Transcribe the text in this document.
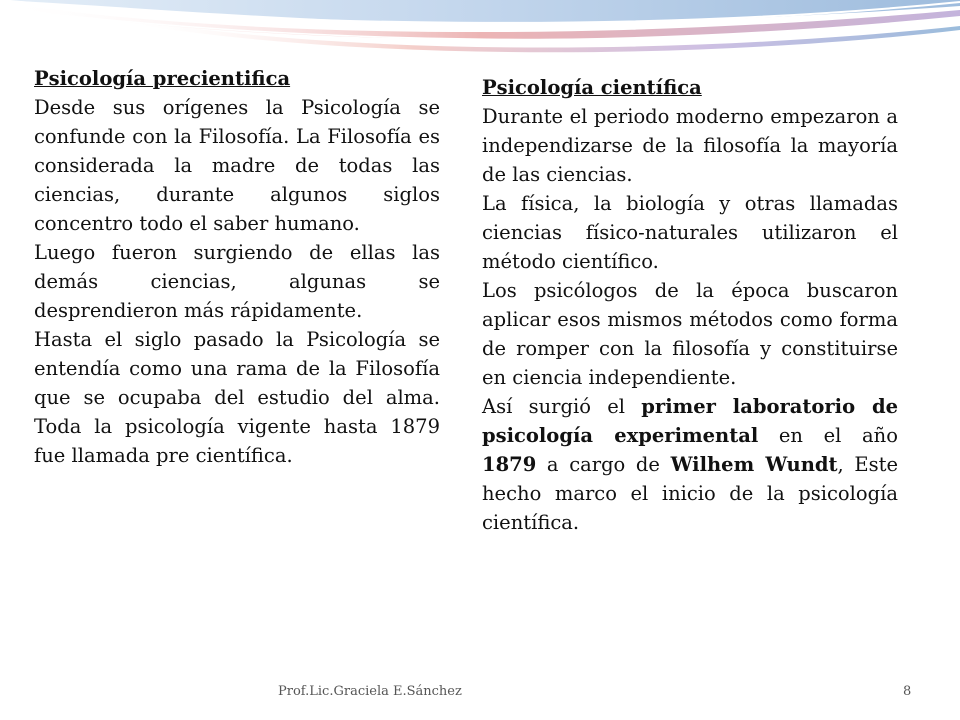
Psicología precientifica

Desde sus orígenes la Psicología se confunde con la Filosofía. La Filosofía es considerada la madre de todas las ciencias, durante algunos siglos concentro todo el saber humano.

Luego fueron surgiendo de ellas las demás ciencias, algunas se desprendieron más rápidamente.

Hasta el siglo pasado la Psicología se entendía como una rama de la Filosofía que se ocupaba del estudio del alma. Toda la psicología vigente hasta 1879 fue llamada pre científica.

Psicología científica

Durante el periodo moderno empezaron a independizarse de la filosofía la mayoría de las ciencias.

La física, la biología y otras llamadas ciencias físico-naturales utilizaron el método científico.

Los psicólogos de la época buscaron aplicar esos mismos métodos como forma de romper con la filosofía y constituirse en ciencia independiente.

Así surgió el primer laboratorio de psicología experimental en el año 1879 a cargo de Wilhem Wundt, Este hecho marco el inicio de la psicología científica.

Prof.Lic.Graciela E.Sánchez	8
